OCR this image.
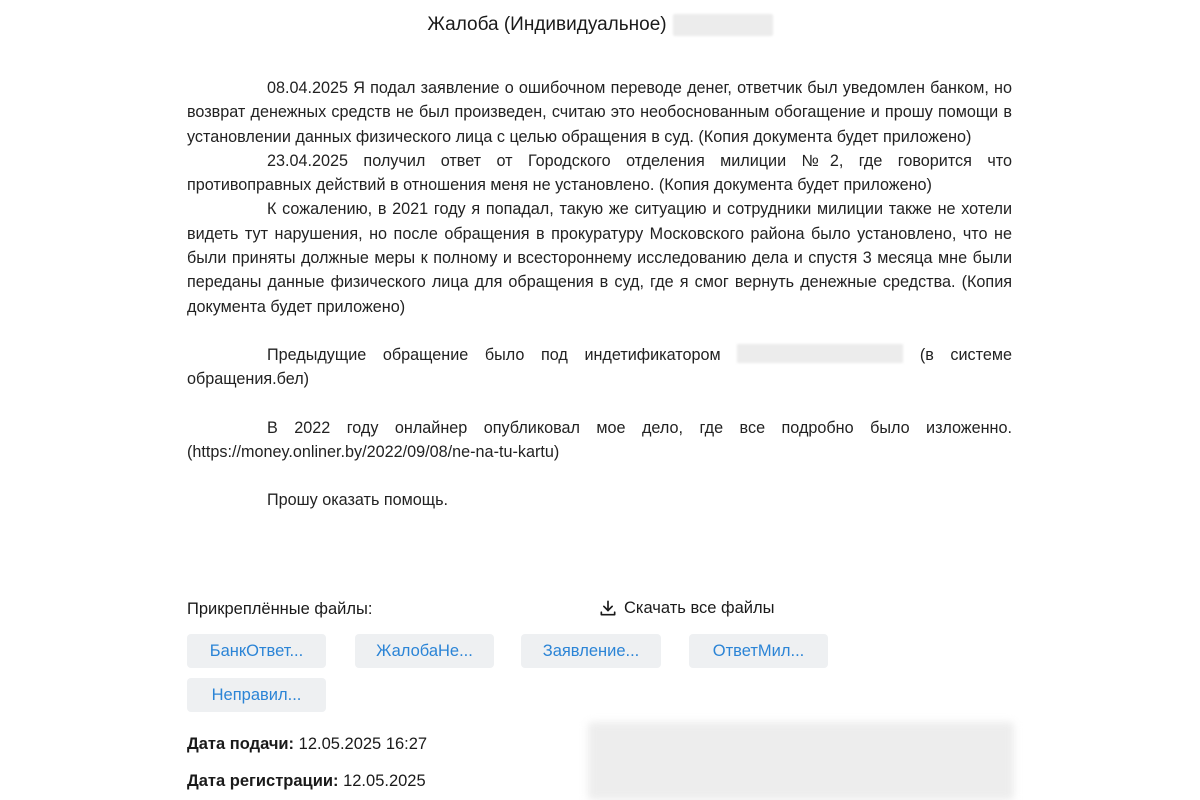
Жалоба (Индивидуальное)

08.04.2025 Я подал заявление о ошибочном переводе денег, ответчик был уведомлен банком, но возврат денежных средств не был произведен, считаю это необоснованным обогащение и прошу помощи в установлении данных физического лица с целью обращения в суд. (Копия документа будет приложено)

23.04.2025 получил ответ от Городского отделения милиции №2, где говорится что противоправных действий в отношения меня не установлено. (Копия документа будет приложено)

К сожалению, в 2021 году я попадал, такую же ситуацию и сотрудники милиции также не хотели видеть тут нарушения, но после обращения в прокуратуру Московского района было установлено, что не были приняты должные меры к полному и всестороннему исследованию дела и спустя 3 месяца мне были переданы данные физического лица для обращения в суд, где я смог вернуть денежные средства. (Копия документа будет приложено)

Предыдущие обращение было под индетификатором	(в системе обращения.бел)

В 2022 году онлайнер опубликовал мое дело, где все подробно было изложенно. (https://money.onliner.by/2022/09/08/ne-na-tu-kartu)

Прошу оказать помощь.

Прикреплённые файлы:	Скачать все файлы
БанкОтвет...	ЖалобаНе...	Заявление...	ОтветМил...
Неправил...
Дата подачи: 12.05.2025 16:27
Дата регистрации: 12.05.2025
